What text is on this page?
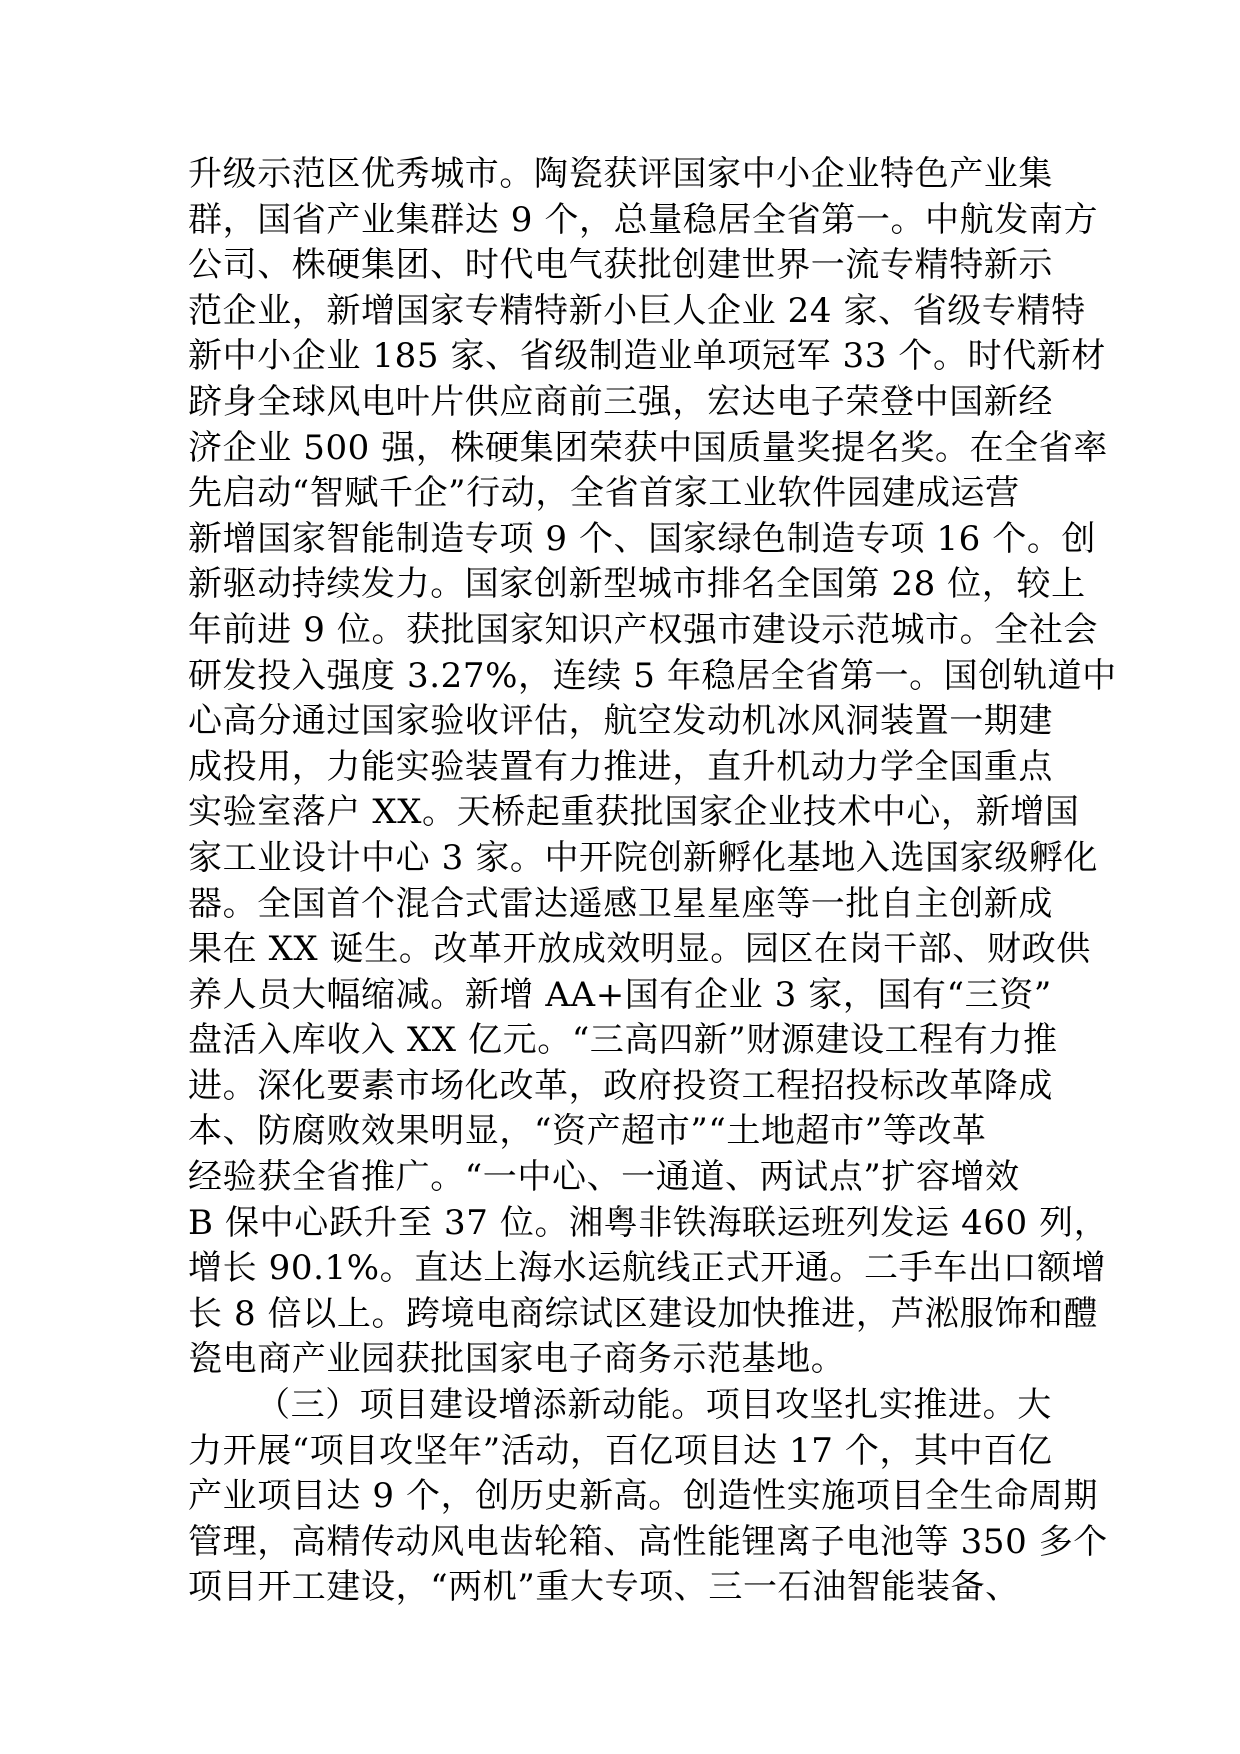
升级示范区优秀城市。陶瓷获评国家中小企业特色产业集
群，国省产业集群达 9 个，总量稳居全省第一。中航发南方
公司、株硬集团、时代电气获批创建世界一流专精特新示
范企业，新增国家专精特新小巨人企业 24 家、省级专精特
新中小企业 185 家、省级制造业单项冠军 33 个。时代新材
跻身全球风电叶片供应商前三强，宏达电子荣登中国新经
济企业 500 强，株硬集团荣获中国质量奖提名奖。在全省率
先启动“智赋千企”行动，全省首家工业软件园建成运营
新增国家智能制造专项 9 个、国家绿色制造专项 16 个。创
新驱动持续发力。国家创新型城市排名全国第 28 位，较上
年前进 9 位。获批国家知识产权强市建设示范城市。全社会
研发投入强度 3.27%，连续 5 年稳居全省第一。国创轨道中
心高分通过国家验收评估，航空发动机冰风洞装置一期建
成投用，力能实验装置有力推进，直升机动力学全国重点
实验室落户 XX。天桥起重获批国家企业技术中心，新增国
家工业设计中心 3 家。中开院创新孵化基地入选国家级孵化
器。全国首个混合式雷达遥感卫星星座等一批自主创新成
果在 XX 诞生。改革开放成效明显。园区在岗干部、财政供
养人员大幅缩减。新增 AA+国有企业 3 家，国有“三资”
盘活入库收入 XX 亿元。“三高四新”财源建设工程有力推
进。深化要素市场化改革，政府投资工程招投标改革降成
本、防腐败效果明显，“资产超市”“土地超市”等改革
经验获全省推广。“一中心、一通道、两试点”扩容增效
B 保中心跃升至 37 位。湘粤非铁海联运班列发运 460 列，
增长 90.1%。直达上海水运航线正式开通。二手车出口额增
长 8 倍以上。跨境电商综试区建设加快推进，芦淞服饰和醴
瓷电商产业园获批国家电子商务示范基地。
（三）项目建设增添新动能。项目攻坚扎实推进。大
力开展“项目攻坚年”活动，百亿项目达 17 个，其中百亿
产业项目达 9 个，创历史新高。创造性实施项目全生命周期
管理，高精传动风电齿轮箱、高性能锂离子电池等 350 多个
项目开工建设，“两机”重大专项、三一石油智能装备、
